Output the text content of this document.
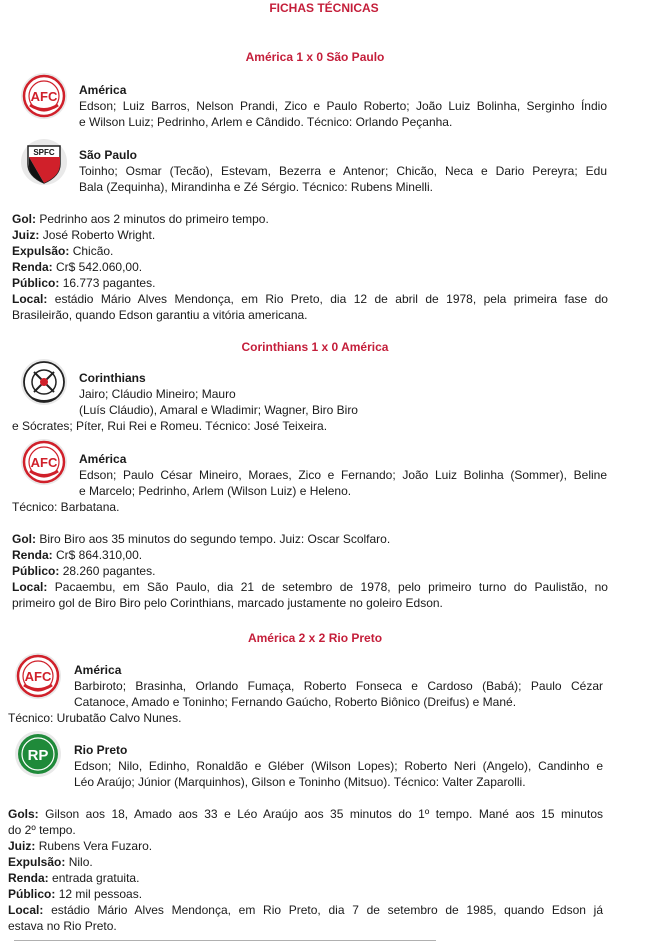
FICHAS TÉCNICAS
América 1 x 0 São Paulo
AFC América
Edson; Luiz Barros, Nelson Prandi, Zico e Paulo Roberto; João Luiz Bolinha, Serginho Índio
e Wilson Luiz; Pedrinho, Arlem e Cândido. Técnico: Orlando Peçanha.
SPFC São Paulo
Toinho; Osmar (Tecão), Estevam, Bezerra e Antenor; Chicão, Neca e Dario Pereyra; Edu
Bala (Zequinha), Mirandinha e Zé Sérgio. Técnico: Rubens Minelli.
Gol: Pedrinho aos 2 minutos do primeiro tempo.
Juiz: José Roberto Wright.
Expulsão: Chicão.
Renda: Cr$ 542.060,00.
Público: 16.773 pagantes.
Local: estádio Mário Alves Mendonça, em Rio Preto, dia 12 de abril de 1978, pela primeira fase do
Brasileirão, quando Edson garantiu a vitória americana.
Corinthians 1 x 0 América
Corinthians
Jairo; Cláudio Mineiro; Mauro
(Luís Cláudio), Amaral e Wladimir; Wagner, Biro Biro
e Sócrates; Píter, Rui Rei e Romeu. Técnico: José Teixeira.
AFC América
Edson; Paulo César Mineiro, Moraes, Zico e Fernando; João Luiz Bolinha (Sommer), Beline
e Marcelo; Pedrinho, Arlem (Wilson Luiz) e Heleno.
Técnico: Barbatana.
Gol: Biro Biro aos 35 minutos do segundo tempo. Juiz: Oscar Scolfaro.
Renda: Cr$ 864.310,00.
Público: 28.260 pagantes.
Local: Pacaembu, em São Paulo, dia 21 de setembro de 1978, pelo primeiro turno do Paulistão, no
primeiro gol de Biro Biro pelo Corinthians, marcado justamente no goleiro Edson.
América 2 x 2 Rio Preto
AFC América
Barbiroto; Brasinha, Orlando Fumaça, Roberto Fonseca e Cardoso (Babá); Paulo Cézar
Catanoce, Amado e Toninho; Fernando Gaúcho, Roberto Biônico (Dreifus) e Mané.
Técnico: Urubatão Calvo Nunes.
RP Rio Preto
Edson; Nilo, Edinho, Ronaldão e Gléber (Wilson Lopes); Roberto Neri (Angelo), Candinho e
Léo Araújo; Júnior (Marquinhos), Gilson e Toninho (Mitsuo). Técnico: Valter Zaparolli.
Gols: Gilson aos 18, Amado aos 33 e Léo Araújo aos 35 minutos do 1º tempo. Mané aos 15 minutos
do 2º tempo.
Juiz: Rubens Vera Fuzaro.
Expulsão: Nilo.
Renda: entrada gratuita.
Público: 12 mil pessoas.
Local: estádio Mário Alves Mendonça, em Rio Preto, dia 7 de setembro de 1985, quando Edson já
estava no Rio Preto.
